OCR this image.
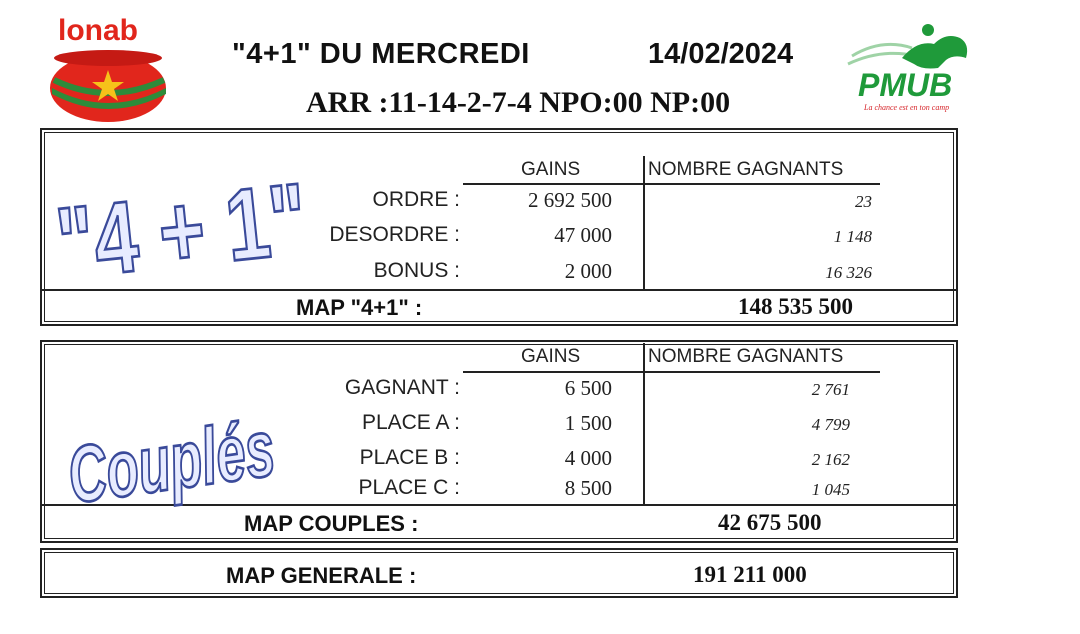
lonab
"4+1" DU MERCREDI	14/02/2024
ARR :11-14-2-7-4 NPO:00 NP:00	PMUB
La chance est en ton camp
"4 + 1"	GAINS	NOMBRE GAGNANTS
ORDRE :	2 692 500	23
DESORDRE :	47 000	1 148
BONUS :	2 000	16 326
MAP "4+1" :	148 535 500
Couplés
GAINS	NOMBRE GAGNANTS
GAGNANT :	6 500	2 761
PLACE A :	1 500	4 799
PLACE B :	4 000	2 162
PLACE C :	8 500	1 045
MAP COUPLES :	42 675 500
MAP GENERALE :	191 211 000
